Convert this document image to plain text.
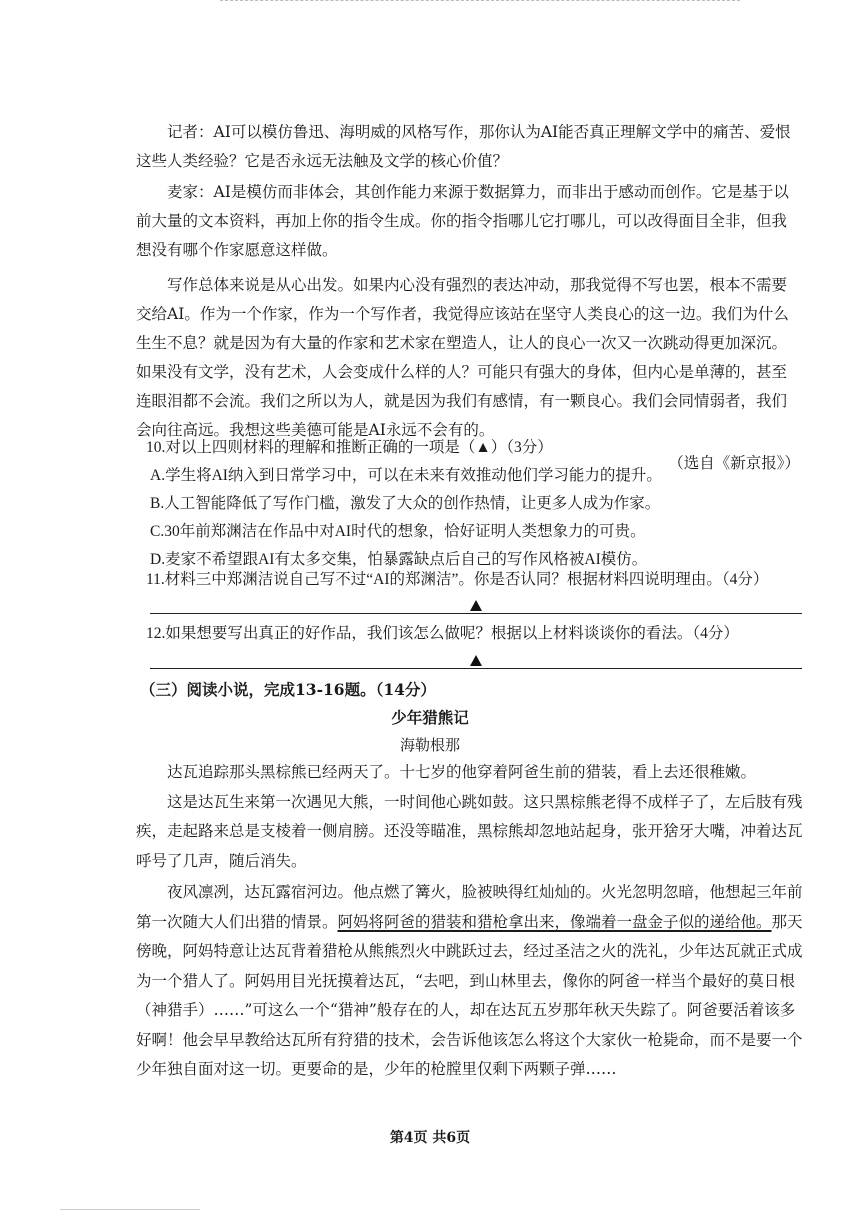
记者：AI可以模仿鲁迅、海明威的风格写作，那你认为AI能否真正理解文学中的痛苦、爱恨这些人类经验？它是否永远无法触及文学的核心价值？

麦家：AI是模仿而非体会，其创作能力来源于数据算力，而非出于感动而创作。它是基于以前大量的文本资料，再加上你的指令生成。你的指令指哪儿它打哪儿，可以改得面目全非，但我想没有哪个作家愿意这样做。

写作总体来说是从心出发。如果内心没有强烈的表达冲动，那我觉得不写也罢，根本不需要交给AI。作为一个作家，作为一个写作者，我觉得应该站在坚守人类良心的这一边。我们为什么生生不息？就是因为有大量的作家和艺术家在塑造人，让人的良心一次又一次跳动得更加深沉。如果没有文学，没有艺术，人会变成什么样的人？可能只有强大的身体，但内心是单薄的，甚至连眼泪都不会流。我们之所以为人，就是因为我们有感情，有一颗良心。我们会同情弱者，我们会向往高远。我想这些美德可能是AI永远不会有的。

（选自《新京报》）

10.对以上四则材料的理解和推断正确的一项是（▲）（3分）

A.学生将AI纳入到日常学习中，可以在未来有效推动他们学习能力的提升。

B.人工智能降低了写作门槛，激发了大众的创作热情，让更多人成为作家。

C.30年前郑渊洁在作品中对AI时代的想象，恰好证明人类想象力的可贵。

D.麦家不希望跟AI有太多交集，怕暴露缺点后自己的写作风格被AI模仿。

11.材料三中郑渊洁说自己写不过“AI的郑渊洁”。你是否认同？根据材料四说明理由。（4分）

12.如果想要写出真正的好作品，我们该怎么做呢？根据以上材料谈谈你的看法。（4分）

（三）阅读小说，完成13-16题。（14分）
少年猎熊记
海勒根那

达瓦追踪那头黑棕熊已经两天了。十七岁的他穿着阿爸生前的猎装，看上去还很稚嫩。

这是达瓦生来第一次遇见大熊，一时间他心跳如鼓。这只黑棕熊老得不成样子了，左后肢有残疾，走起路来总是支棱着一侧肩膀。还没等瞄准，黑棕熊却忽地站起身，张开猞牙大嘴，冲着达瓦呼号了几声，随后消失。

夜风凛冽，达瓦露宿河边。他点燃了篝火，脸被映得红灿灿的。火光忽明忽暗，他想起三年前第一次随大人们出猎的情景。阿妈将阿爸的猎装和猎枪拿出来，像端着一盘金子似的递给他。那天傍晚，阿妈特意让达瓦背着猎枪从熊熊烈火中跳跃过去，经过圣洁之火的洗礼，少年达瓦就正式成为一个猎人了。阿妈用目光抚摸着达瓦，“去吧，到山林里去，像你的阿爸一样当个最好的莫日根（神猎手）……”可这么一个“猎神”般存在的人，却在达瓦五岁那年秋天失踪了。阿爸要活着该多好啊！他会早早教给达瓦所有狩猎的技术，会告诉他该怎么将这个大家伙一枪毙命，而不是要一个少年独自面对这一切。更要命的是，少年的枪膛里仅剩下两颗子弹……

第4页 共6页
